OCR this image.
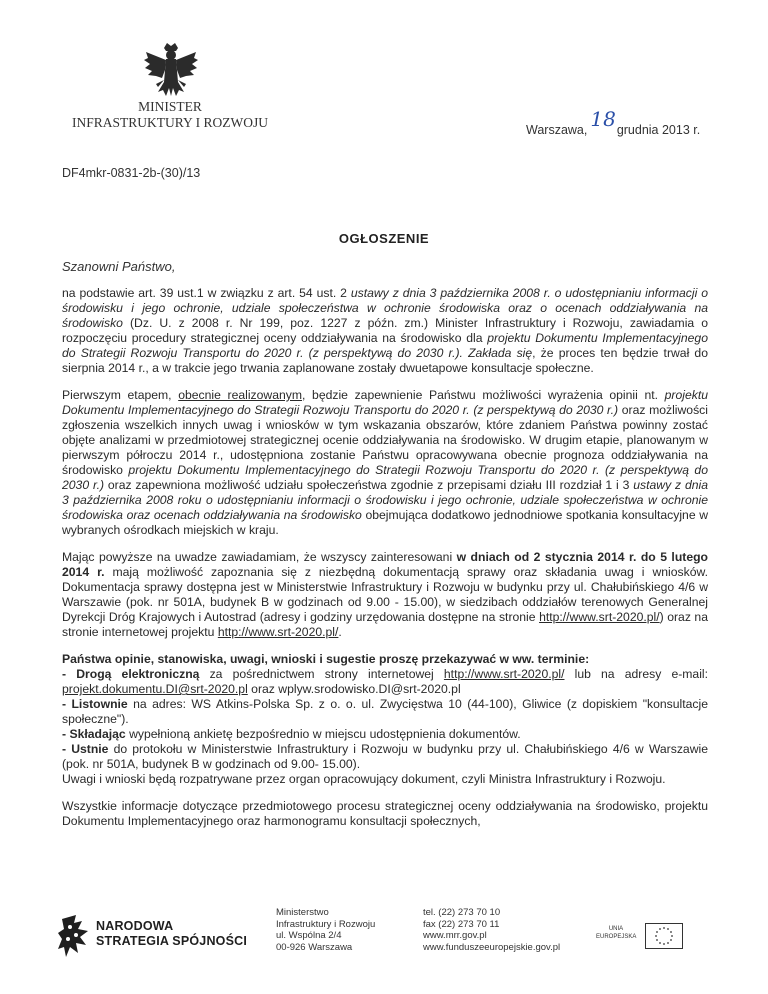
MINISTER
INFRASTRUKTURY I ROZWOJU	Warszawa, 18grudnia 2013 r.
DF4mkr-0831-2b-(30)/13
OGŁOSZENIE
Szanowni Państwo,

na podstawie art. 39 ust.1 w związku z art. 54 ust. 2 ustawy z dnia 3 października 2008 r. o udostępnianiu informacji o środowisku i jego ochronie, udziale społeczeństwa w ochronie środowiska oraz o ocenach oddziaływania na środowisko (Dz. U. z 2008 r. Nr 199, poz. 1227 z późn. zm.) Minister Infrastruktury i Rozwoju, zawiadamia o rozpoczęciu procedury strategicznej oceny oddziaływania na środowisko dla projektu Dokumentu Implementacyjnego do Strategii Rozwoju Transportu do 2020 r. (z perspektywą do 2030 r.). Zakłada się, że proces ten będzie trwał do sierpnia 2014 r., a w trakcie jego trwania zaplanowane zostały dwuetapowe konsultacje społeczne.

Pierwszym etapem, obecnie realizowanym, będzie zapewnienie Państwu możliwości wyrażenia opinii nt. projektu Dokumentu Implementacyjnego do Strategii Rozwoju Transportu do 2020 r. (z perspektywą do 2030 r.) oraz możliwości zgłoszenia wszelkich innych uwag i wniosków w tym wskazania obszarów, które zdaniem Państwa powinny zostać objęte analizami w przedmiotowej strategicznej ocenie oddziaływania na środowisko. W drugim etapie, planowanym w pierwszym półroczu 2014 r., udostępniona zostanie Państwu opracowywana obecnie prognoza oddziaływania na środowisko projektu Dokumentu Implementacyjnego do Strategii Rozwoju Transportu do 2020 r. (z perspektywą do 2030 r.) oraz zapewniona możliwość udziału społeczeństwa zgodnie z przepisami działu III rozdział 1 i 3 ustawy z dnia 3 października 2008 roku o udostępnianiu informacji o środowisku i jego ochronie, udziale społeczeństwa w ochronie środowiska oraz ocenach oddziaływania na środowisko obejmująca dodatkowo jednodniowe spotkania konsultacyjne w wybranych ośrodkach miejskich w kraju.

Mając powyższe na uwadze zawiadamiam, że wszyscy zainteresowani w dniach od 2 stycznia 2014 r. do 5 lutego 2014 r. mają możliwość zapoznania się z niezbędną dokumentacją sprawy oraz składania uwag i wniosków. Dokumentacja sprawy dostępna jest w Ministerstwie Infrastruktury i Rozwoju w budynku przy ul. Chałubińskiego 4/6 w Warszawie (pok. nr 501A, budynek B w godzinach od 9.00 - 15.00), w siedzibach oddziałów terenowych Generalnej Dyrekcji Dróg Krajowych i Autostrad (adresy i godziny urzędowania dostępne na stronie http://www.srt-2020.pl/) oraz na stronie internetowej projektu http://www.srt-2020.pl/.

Państwa opinie, stanowiska, uwagi, wnioski i sugestie proszę przekazywać w ww. terminie:
- Drogą elektroniczną za pośrednictwem strony internetowej http://www.srt-2020.pl/ lub na adresy e-mail: projekt.dokumentu.DI@srt-2020.pl oraz wplyw.srodowisko.DI@srt-2020.pl
- Listownie na adres: WS Atkins-Polska Sp. z o. o. ul. Zwycięstwa 10 (44-100), Gliwice (z dopiskiem "konsultacje społeczne").
- Składając wypełnioną ankietę bezpośrednio w miejscu udostępnienia dokumentów.
- Ustnie do protokołu w Ministerstwie Infrastruktury i Rozwoju w budynku przy ul. Chałubińskiego 4/6 w Warszawie (pok. nr 501A, budynek B w godzinach od 9.00- 15.00).
Uwagi i wnioski będą rozpatrywane przez organ opracowujący dokument, czyli Ministra Infrastruktury i Rozwoju.

Wszystkie informacje dotyczące przedmiotowego procesu strategicznej oceny oddziaływania na środowisko, projektu Dokumentu Implementacyjnego oraz harmonogramu konsultacji społecznych,

NARODOWA
STRATEGIA SPÓJNOŚCI
Ministerstwo
Infrastruktury i Rozwoju
ul. Wspólna 2/4
00-926 Warszawa
tel. (22) 273 70 10
fax (22) 273 70 11
www.mrr.gov.pl
www.funduszeeuropejskie.gov.pl
UNIA
EUROPEJSKA
